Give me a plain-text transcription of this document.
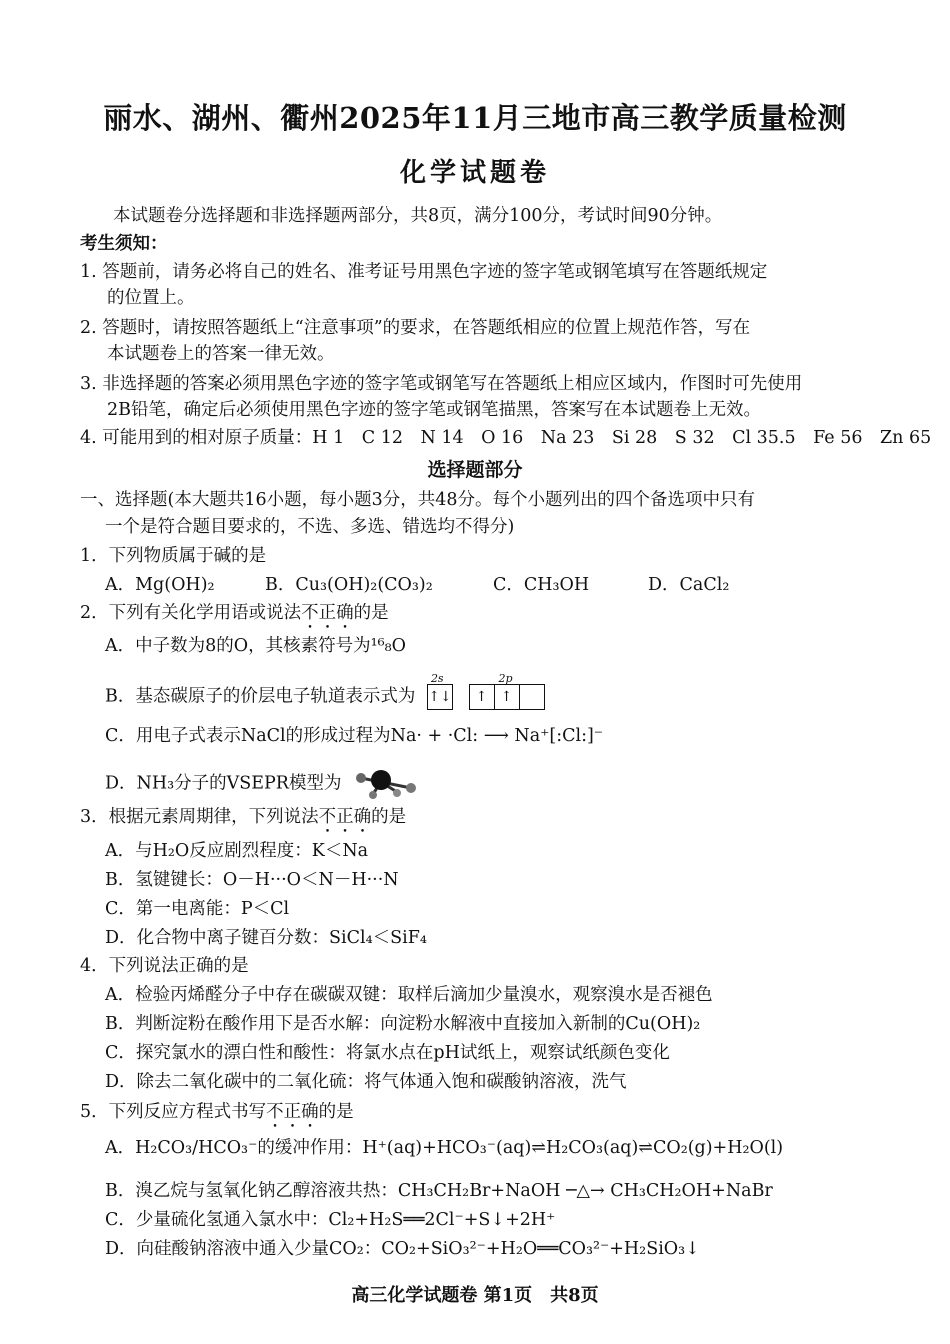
丽水、湖州、衢州2025年11月三地市高三教学质量检测
化学试题卷
本试题卷分选择题和非选择题两部分，共8页，满分100分，考试时间90分钟。
考生须知：
1. 答题前，请务必将自己的姓名、准考证号用黑色字迹的签字笔或钢笔填写在答题纸规定
的位置上。
2. 答题时，请按照答题纸上“注意事项”的要求，在答题纸相应的位置上规范作答，写在
本试题卷上的答案一律无效。
3. 非选择题的答案必须用黑色字迹的签字笔或钢笔写在答题纸上相应区域内，作图时可先使用
2B铅笔，确定后必须使用黑色字迹的签字笔或钢笔描黑，答案写在本试题卷上无效。
4. 可能用到的相对原子质量：H 1　C 12　N 14　O 16　Na 23　Si 28　S 32　Cl 35.5　Fe 56　Zn 65
选择题部分
一、选择题(本大题共16小题，每小题3分，共48分。每个小题列出的四个备选项中只有
一个是符合题目要求的，不选、多选、错选均不得分)
1．下列物质属于碱的是
A．Mg(OH)₂	B．Cu₃(OH)₂(CO₃)₂	C．CH₃OH	D．CaCl₂
2．下列有关化学用语或说法不正确的是
A．中子数为8的O，其核素符号为¹⁶₈O
B．基态碳原子的价层电子轨道表示式为
2s
↑↓
2p
↑ ↑
C．用电子式表示NaCl的形成过程为Na· + ·Cl: ⟶ Na⁺[:Cl:]⁻
D．NH₃分子的VSEPR模型为
3．根据元素周期律，下列说法不正确的是
A．与H₂O反应剧烈程度：K＜Na
B．氢键键长：O－H···O＜N－H···N
C．第一电离能：P＜Cl
D．化合物中离子键百分数：SiCl₄＜SiF₄
4．下列说法正确的是
A．检验丙烯醛分子中存在碳碳双键：取样后滴加少量溴水，观察溴水是否褪色
B．判断淀粉在酸作用下是否水解：向淀粉水解液中直接加入新制的Cu(OH)₂
C．探究氯水的漂白性和酸性：将氯水点在pH试纸上，观察试纸颜色变化
D．除去二氧化碳中的二氧化硫：将气体通入饱和碳酸钠溶液，洗气
5．下列反应方程式书写不正确的是
A．H₂CO₃/HCO₃⁻的缓冲作用：H⁺(aq)+HCO₃⁻(aq)⇌H₂CO₃(aq)⇌CO₂(g)+H₂O(l)
B．溴乙烷与氢氧化钠乙醇溶液共热：CH₃CH₂Br+NaOH ─△→ CH₃CH₂OH+NaBr
C．少量硫化氢通入氯水中：Cl₂+H₂S══2Cl⁻+S↓+2H⁺
D．向硅酸钠溶液中通入少量CO₂：CO₂+SiO₃²⁻+H₂O══CO₃²⁻+H₂SiO₃↓
高三化学试题卷 第1页　共8页
